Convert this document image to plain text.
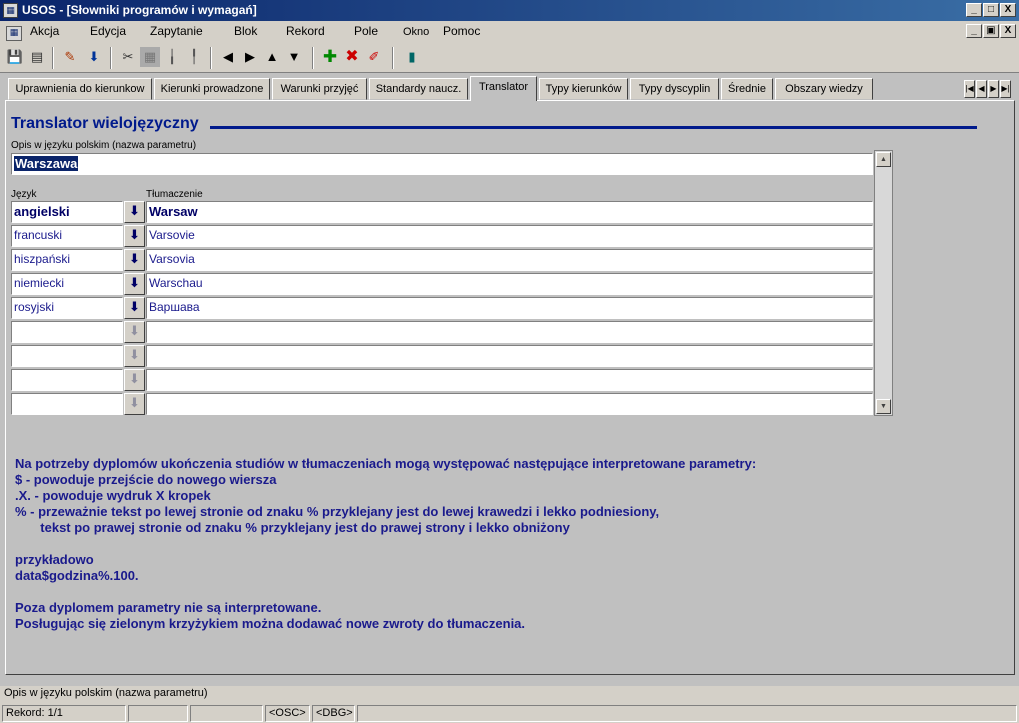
▦ USOS - [Słowniki programów i wymagań]	_	□	X
▦ Akcja	Edycja Zapytanie	Blok Rekord Pole Okno Pomoc	_ ▣ X
💾 ▤	✎	⬇	✂ ▦ ╽	╿	◀ ▶ ▲ ▼ ✚ ✖ ✐	▮
Uprawnienia do kierunkow	Kierunki prowadzone	Warunki przyjęć	Standardy naucz.	Translator	Typy kierunków	Typy dyscyplin	Średnie	Obszary wiedzy	|◀ ◀ ▶ ▶|
Translator wielojęzyczny
Opis w języku polskim (nazwa parametru)
Warszawa
Język	Tłumaczenie
▲
▼
angielski	⬇ Warsaw
francuski	⬇ Varsovie
hiszpański	⬇ Varsovia
niemiecki	⬇ Warschau
rosyjski	⬇ Варшава
⬇
⬇
⬇
⬇
Na potrzeby dyplomów ukończenia studiów w tłumaczeniach mogą występować następujące interpretowane parametry:
$ - powoduje przejście do nowego wiersza
.X. - powoduje wydruk X kropek
% - przeważnie tekst po lewej stronie od znaku % przyklejany jest do lewej krawedzi i lekko podniesiony,
tekst po prawej stronie od znaku % przyklejany jest do prawej strony i lekko obniżony
przykładowo
data$godzina%.100.
Poza dyplomem parametry nie są interpretowane.
Posługując się zielonym krzyżykiem można dodawać nowe zwroty do tłumaczenia.
Opis w języku polskim (nazwa parametru)
Rekord: 1/1	<OSC> <DBG>
